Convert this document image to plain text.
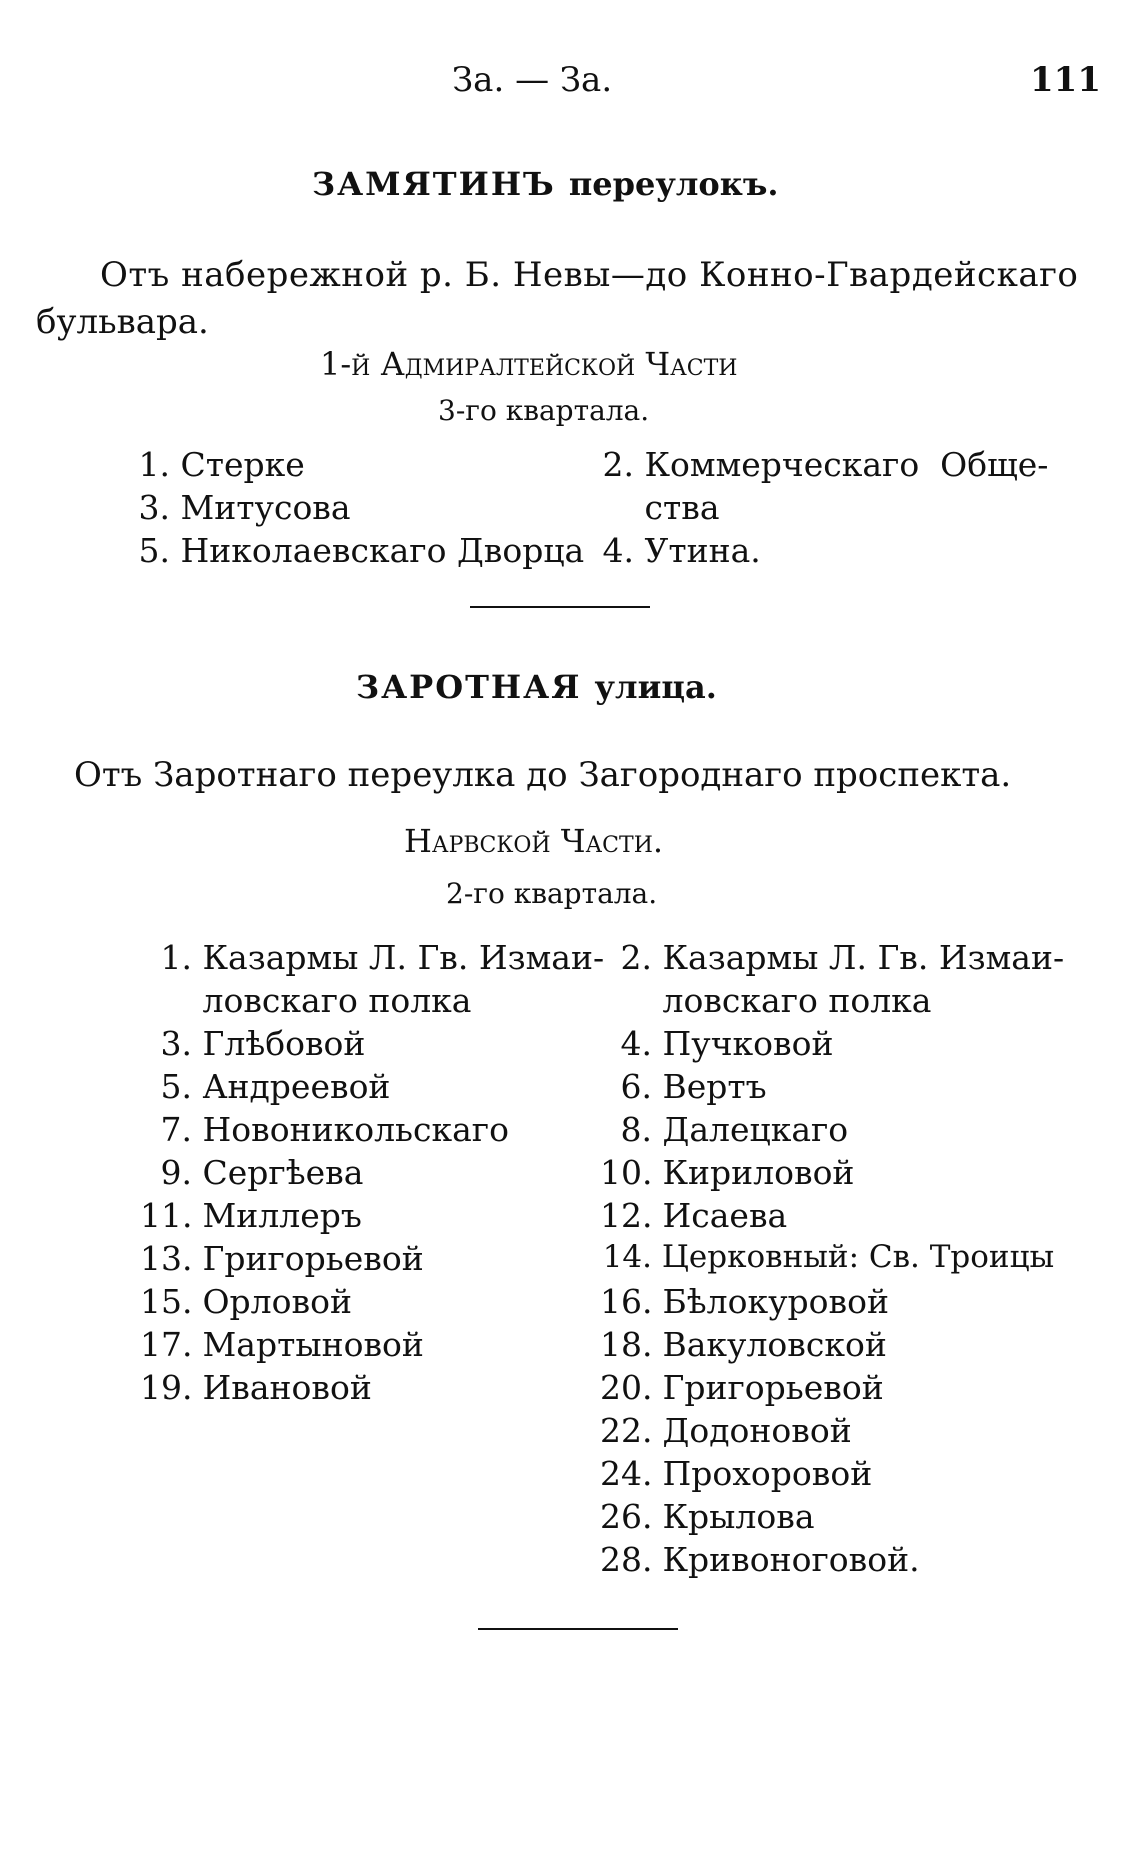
За. — За.	111
ЗАМЯТИНЪ переулокъ.
Отъ набережной р. Б. Невы—до Конно-Гвардейскаго
бульвара.
1-й Адмиралтейской Части
3-го квартала.
1. Стерке
3. Митусова
5. Николаевскаго Дворца
2. Коммерческаго  Обще-
ства
4. Утина.
ЗАРОТНАЯ улица.
Отъ Заротнаго переулка до Загороднаго проспекта.
Нарвской Части.
2-го квартала.
1. Казармы Л. Гв. Измаи-
ловскаго полка
3. Глѣбовой
5. Андреевой
7. Новоникольскаго
9. Сергѣева
11. Миллеръ
13. Григорьевой
15. Орловой
17. Мартыновой
19. Ивановой
2. Казармы Л. Гв. Измаи-
ловскаго полка
4. Пучковой
6. Вертъ
8. Далецкаго
10. Кириловой
12. Исаева
14. Церковный: Св. Троицы
16. Бѣлокуровой
18. Вакуловской
20. Григорьевой
22. Додоновой
24. Прохоровой
26. Крылова
28. Кривоноговой.
